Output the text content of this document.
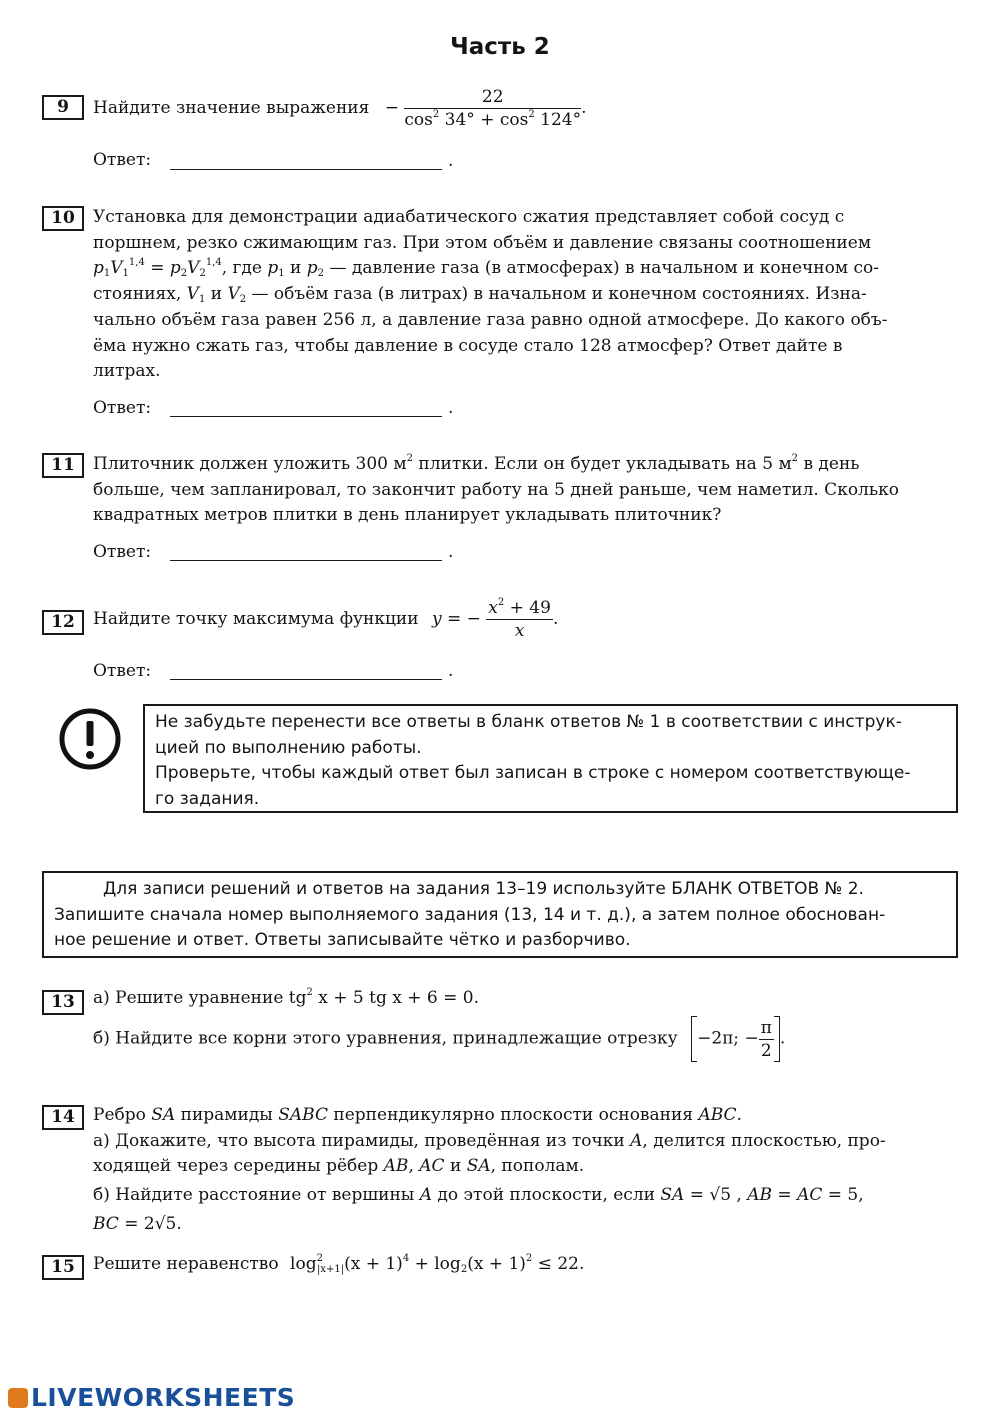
Часть 2
9	Найдите значение выражения − $\frac{22}{\cos^2 34^\circ + \cos^2 124^\circ}$ .
Ответ:	.
10	Установка для демонстрации адиабатического сжатия представляет собой сосуд с
поршнем, резко сжимающим газ. При этом объём и давление связаны соотношением
$p_1V_1^{1,4} = p_2V_2^{1,4}$, где $p_1$ и $p_2$ — давление газа (в атмосферах) в начальном и конечном со-
стояниях, $V_1$ и $V_2$ — объём газа (в литрах) в начальном и конечном состояниях. Изна-
чально объём газа равен 256 л, а давление газа равно одной атмосфере. До какого объ-
ёма нужно сжать газ, чтобы давление в сосуде стало 128 атмосфер? Ответ дайте в
литрах.
Ответ:	.
11	Плиточник должен уложить 300 $м^2$ плитки. Если он будет укладывать на 5 $м^2$ в день
больше, чем запланировал, то закончит работу на 5 дней раньше, чем наметил. Сколько
квадратных метров плитки в день планирует укладывать плиточник?
Ответ:	.
12	Найдите точку максимума функции y = − $\frac{x^2 + 49}{x}$ .
Ответ:	.
Не забудьте перенести все ответы в бланк ответов № 1 в соответствии с инструк-
цией по выполнению работы.
Проверьте, чтобы каждый ответ был записан в строке с номером соответствующе-
го задания.
Для записи решений и ответов на задания 13–19 используйте БЛАНК ОТВЕТОВ № 2.
Запишите сначала номер выполняемого задания (13, 14 и т. д.), а затем полное обоснован-
ное решение и ответ. Ответы записывайте чётко и разборчиво.
13	а) Решите уравнение $tg^2$ x + 5 tg x + 6 = 0.
б) Найдите все корни этого уравнения, принадлежащие отрезку −2π; − $\frac{\pi}{2}$ .
14	Ребро SA пирамиды SABC перпендикулярно плоскости основания ABC.
а) Докажите, что высота пирамиды, проведённая из точки A, делится плоскостью, про-
ходящей через середины рёбер AB, AC и SA, пополам.
б) Найдите расстояние от вершины A до этой плоскости, если SA = √5 , AB = AC = 5,
BC = 2√5.
15	Решите неравенство $\log^2_{|x+1|}(x + 1)^4 + \log_2(x + 1)^2 \le 22$.
LIVEWORKSHEETS
